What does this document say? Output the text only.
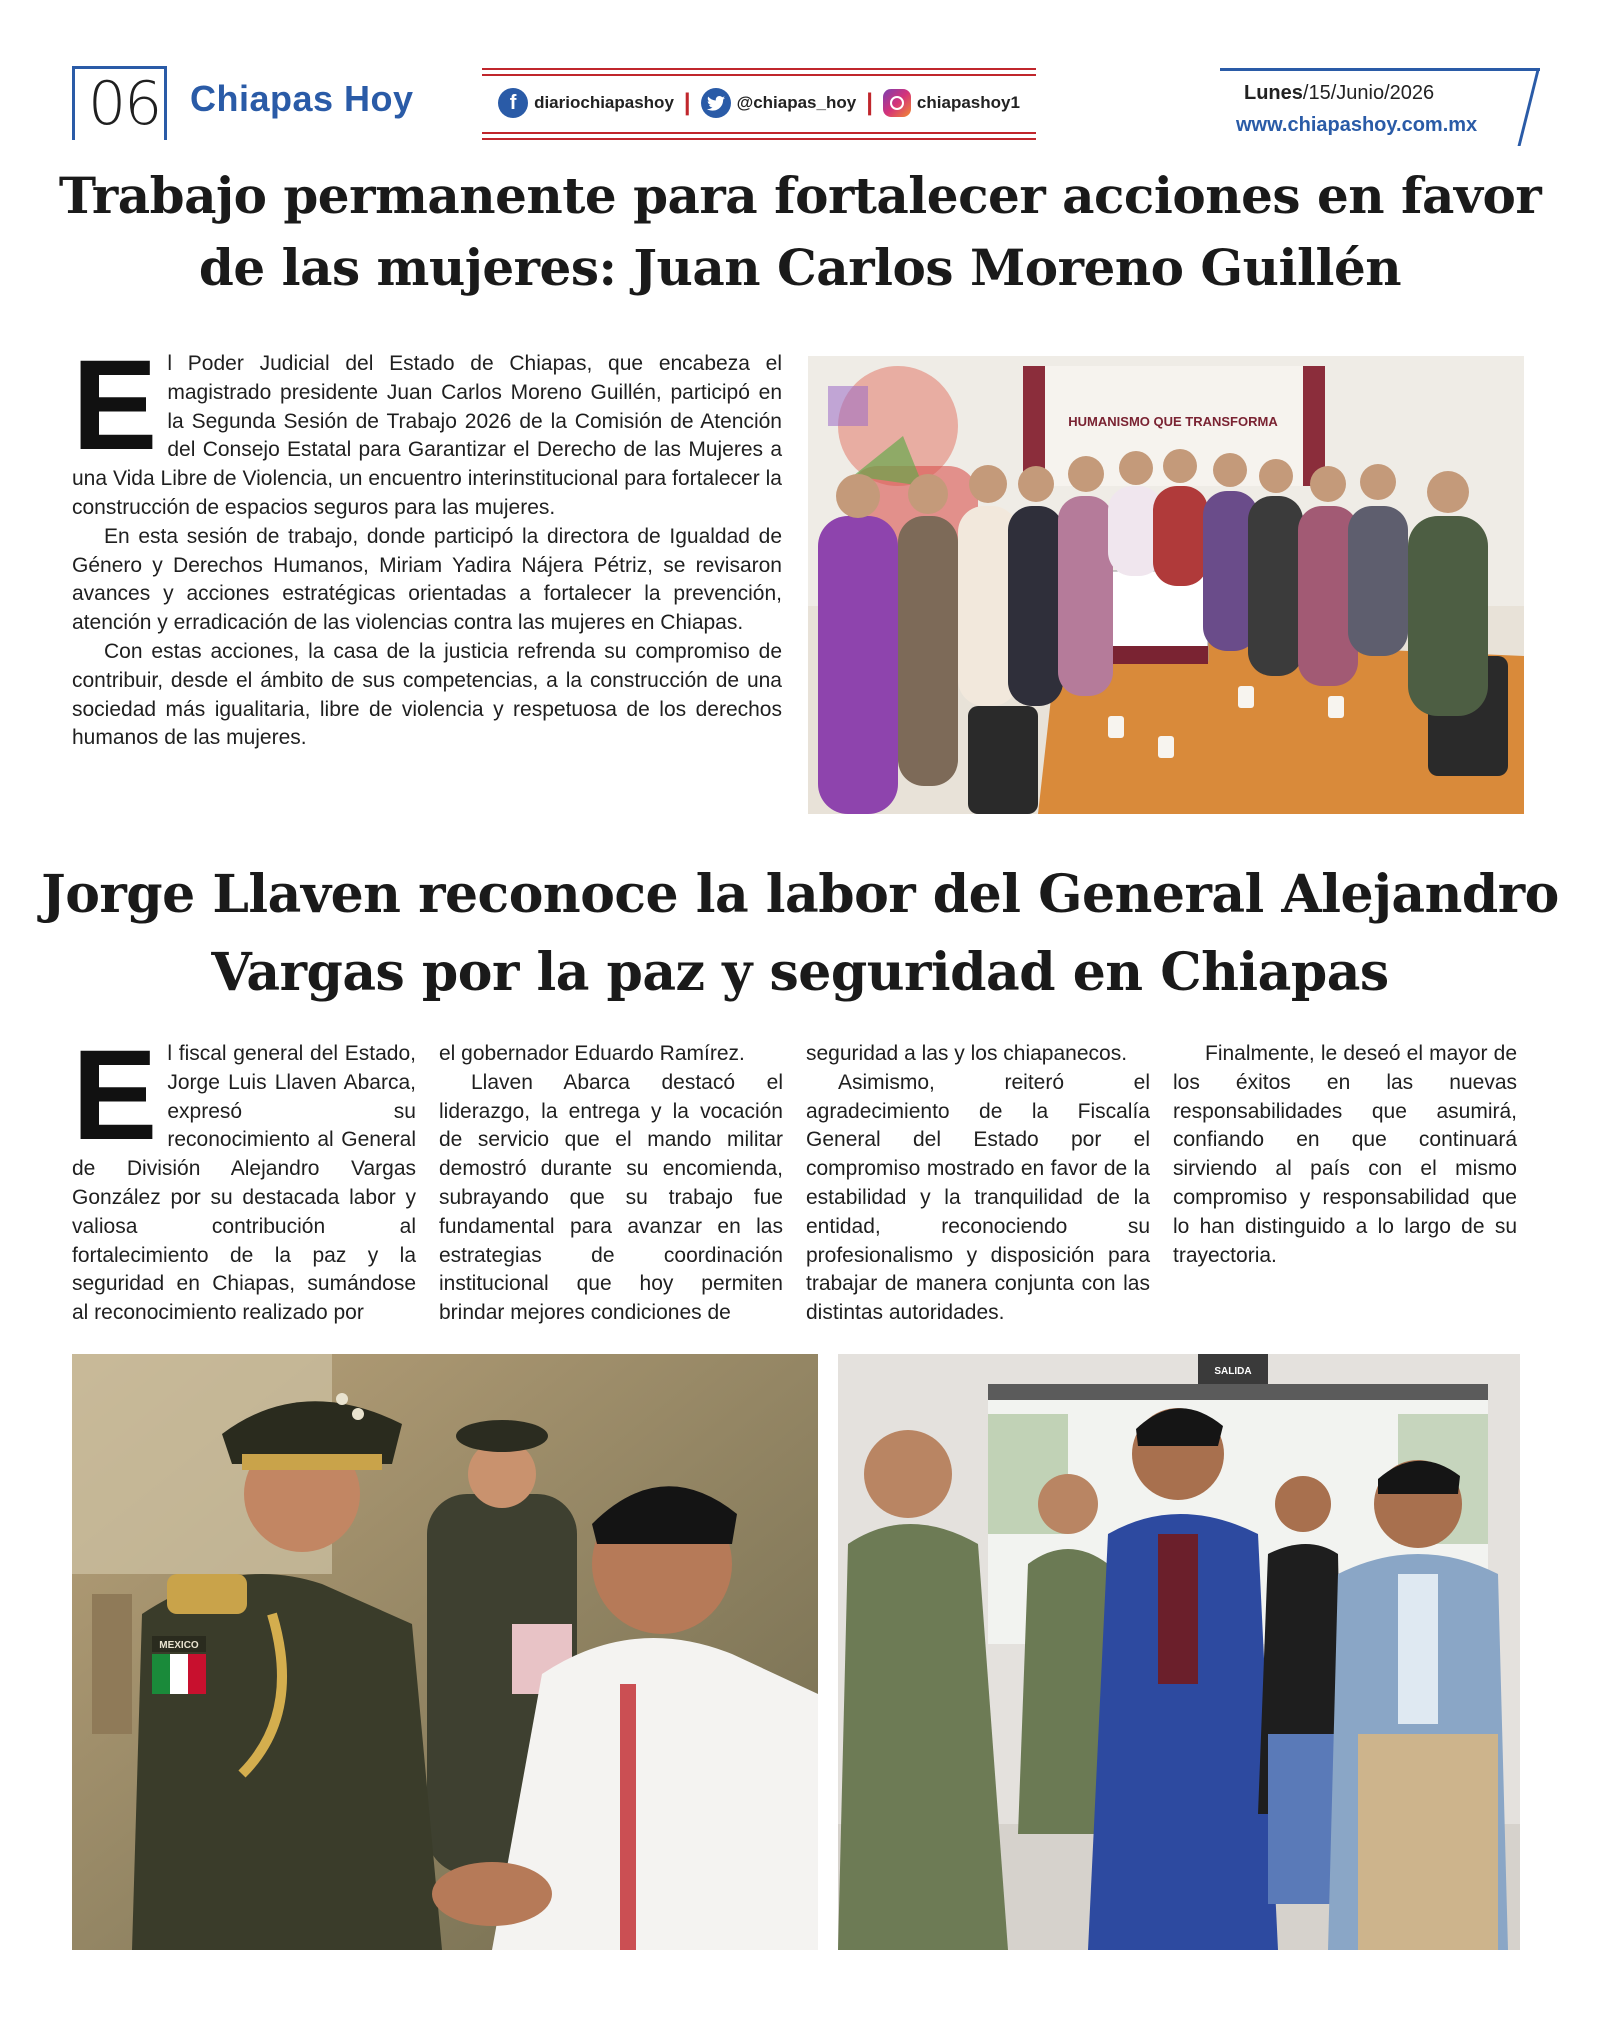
06 Chiapas Hoy	f	diariochiapashoy |	@chiapas_hoy |	chiapashoy1	Lunes/15/Junio/2026
www.chiapashoy.com.mx
Trabajo permanente para fortalecer acciones en favor de las mujeres: Juan Carlos Moreno Guillén

El Poder Judicial del Estado de Chiapas, que encabeza el magistrado presidente Juan Carlos Moreno Guillén, participó en la Segunda Sesión de Trabajo 2026 de la Comisión de Atención del Consejo Estatal para Garantizar el Derecho de las Mujeres a una Vida Libre de Violencia, un encuentro interinstitucional para fortalecer la construcción de espacios seguros para las mujeres.

En esta sesión de trabajo, donde participó la directora de Igualdad de Género y Derechos Humanos, Miriam Yadira Nájera Pétriz, se revisaron avances y acciones estratégicas orientadas a fortalecer la prevención, atención y erradicación de las violencias contra las mujeres en Chiapas.

Con estas acciones, la casa de la justicia refrenda su compromiso de contribuir, desde el ámbito de sus competencias, a la construcción de una sociedad más igualitaria, libre de violencia y respetuosa de los derechos humanos de las mujeres.

HUMANISMO QUE TRANSFORMA
Jorge Llaven reconoce la labor del General Alejandro Vargas por la paz y seguridad en Chiapas

El fiscal general del Estado, Jorge Luis Llaven Abarca, expresó su reconocimiento al General de División Alejandro Vargas González por su destacada labor y valiosa contribución al fortalecimiento de la paz y la seguridad en Chiapas, sumándose al reconocimiento realizado por

el gobernador Eduardo Ramírez.

Llaven Abarca destacó el liderazgo, la entrega y la vocación de servicio que el mando militar demostró durante su encomienda, subrayando que su trabajo fue fundamental para avanzar en las estrategias de coordinación institucional que hoy permiten brindar mejores condiciones de

seguridad a las y los chiapanecos.

Asimismo, reiteró el agradecimiento de la Fiscalía General del Estado por el compromiso mostrado en favor de la estabilidad y la tranquilidad de la entidad, reconociendo su profesionalismo y disposición para trabajar de manera conjunta con las distintas autoridades.

Finalmente, le deseó el mayor de los éxitos en las nuevas responsabilidades que asumirá, confiando en que continuará sirviendo al país con el mismo compromiso y responsabilidad que lo han distinguido a lo largo de su trayectoria.

MEXICO
SALIDA
